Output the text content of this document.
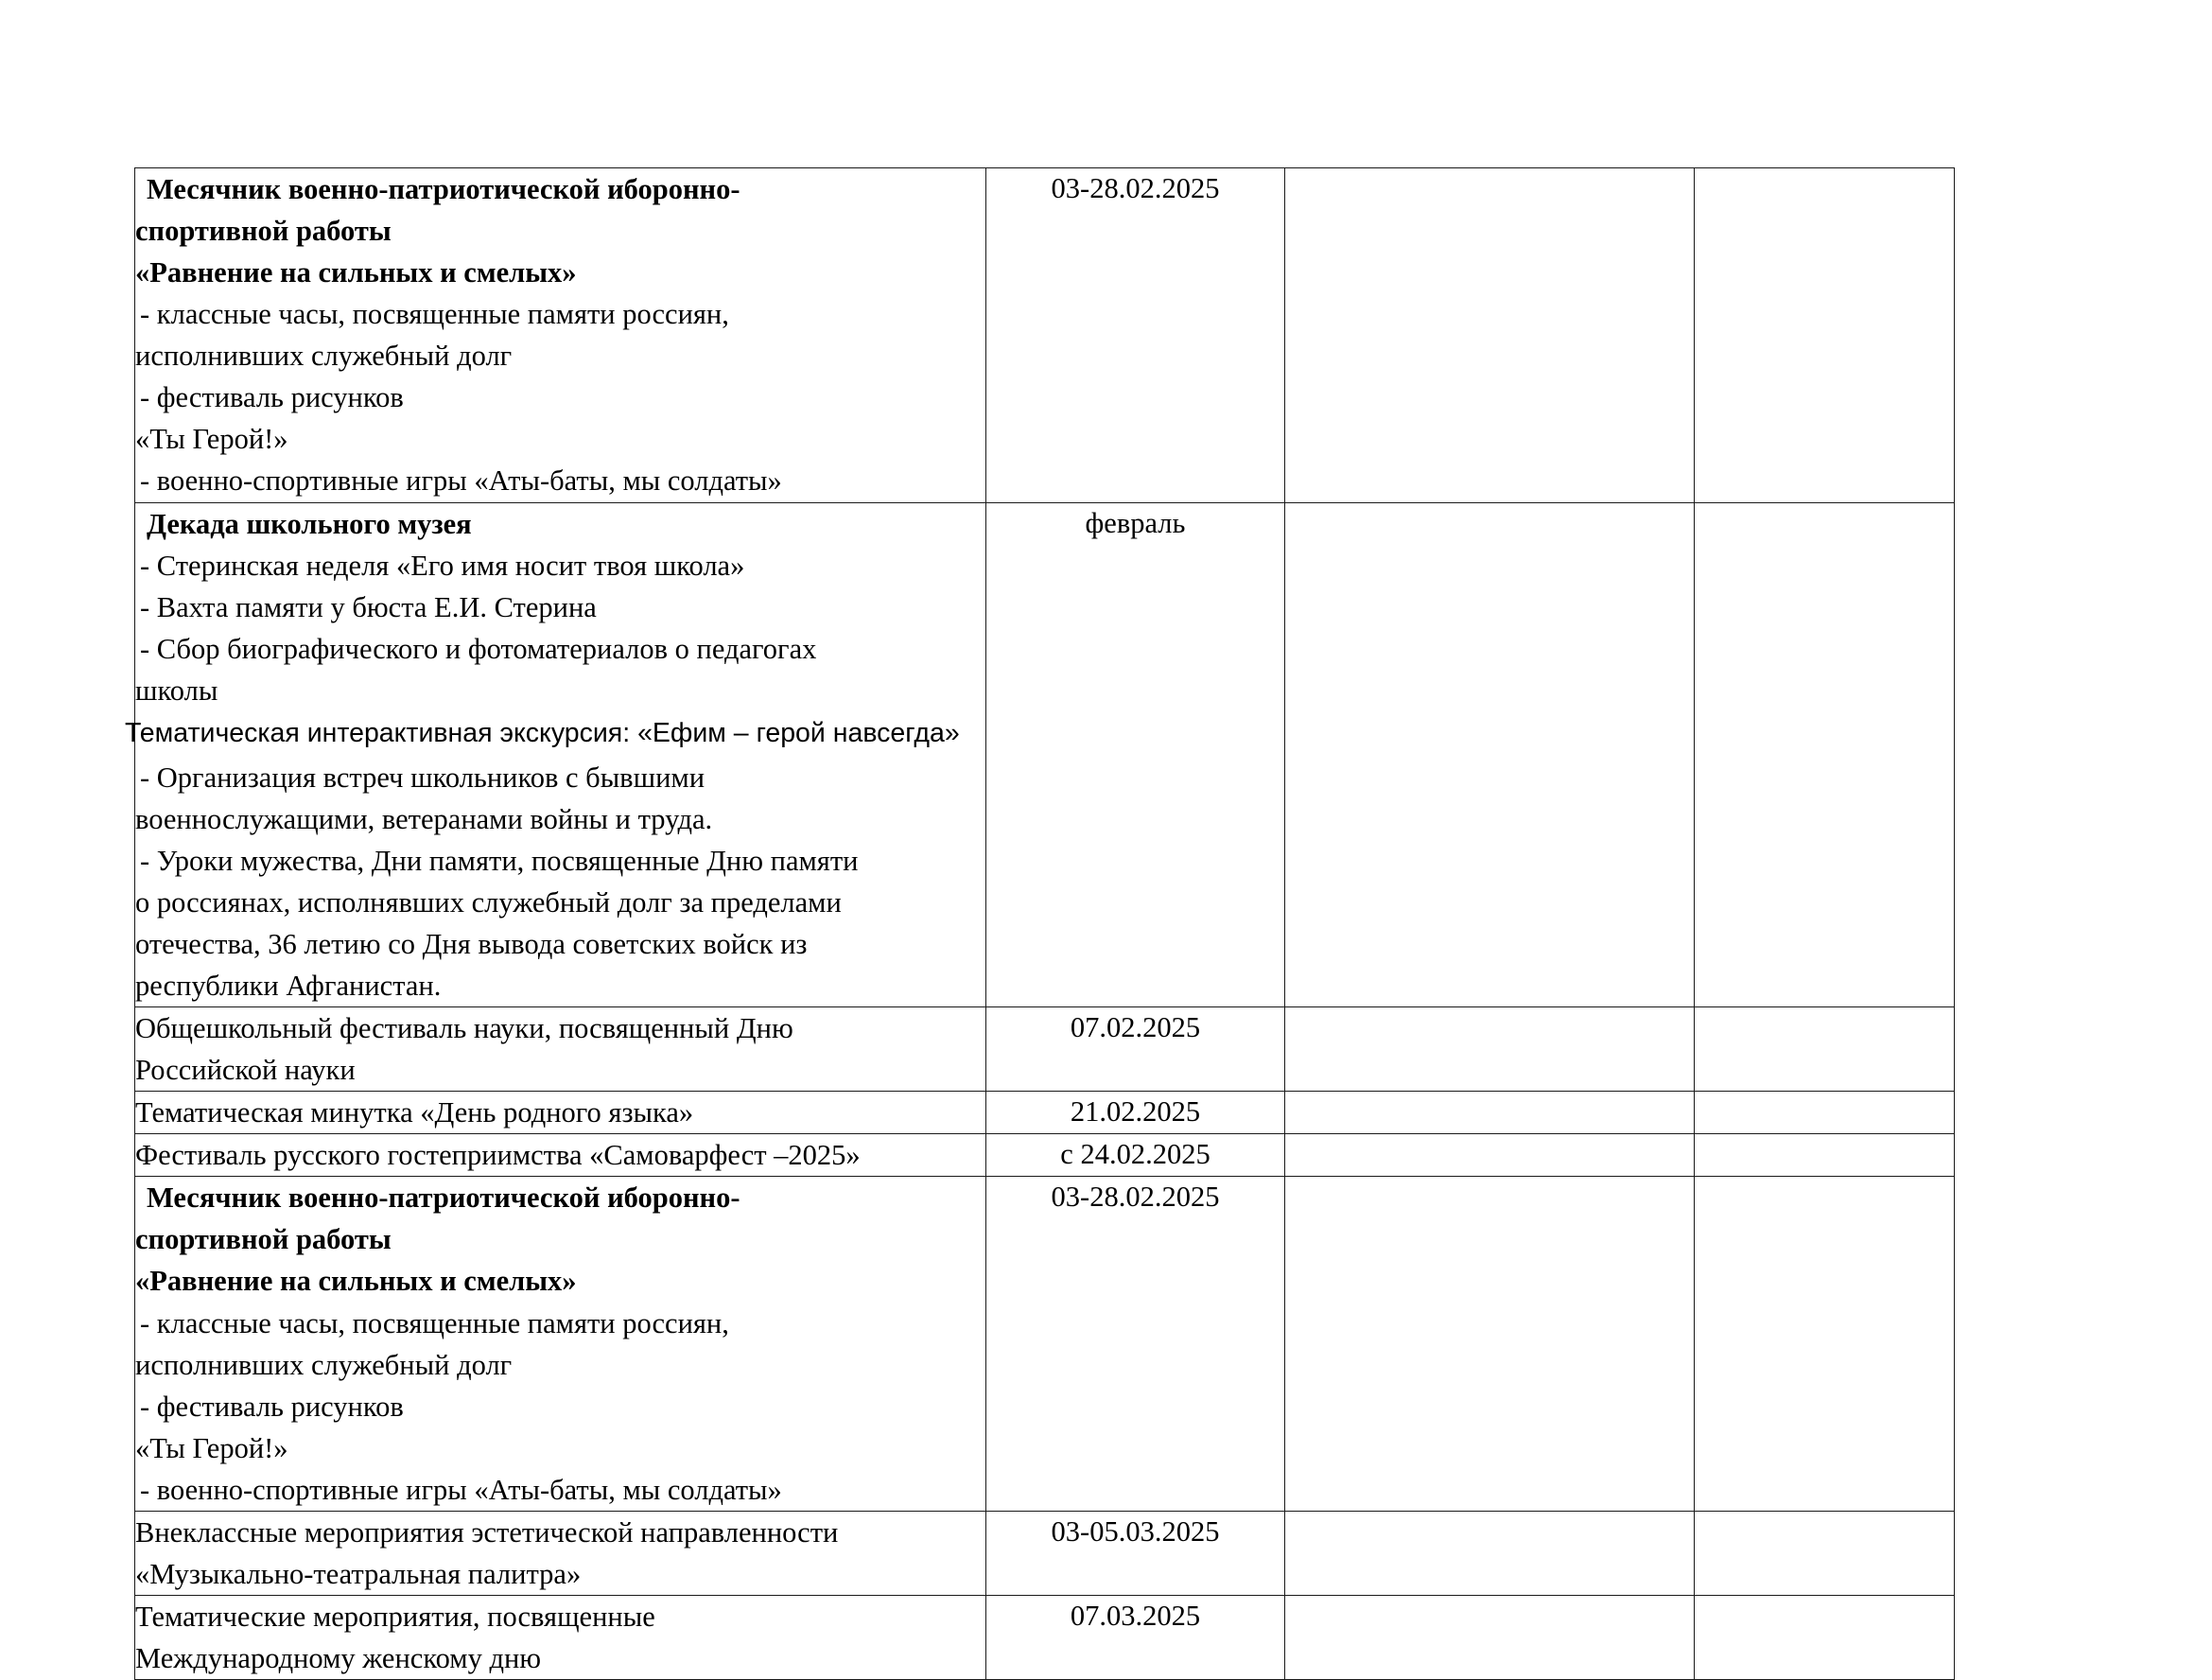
Месячник военно-патриотической иборонно-
спортивной работы
«Равнение на сильных и смелых»
- классные часы, посвященные памяти россиян,
исполнивших служебный долг
- фестиваль рисунков
«Ты Герой!»
- военно-спортивные игры «Аты-баты, мы солдаты»
	03-28.02.2025		

Декада школьного музея
- Стеринская неделя «Его имя носит твоя школа»
- Вахта памяти у бюста Е.И. Стерина
- Сбор биографического и фотоматериалов о педагогах
школы
Тематическая интерактивная экскурсия: «Ефим – герой навсегда»
- Организация встреч школьников с бывшими
военнослужащими, ветеранами войны и труда.
- Уроки мужества, Дни памяти, посвященные Дню памяти
о россиянах, исполнявших служебный долг за пределами
отечества, 36 летию со Дня вывода советских войск из
республики Афганистан.
	февраль		

Общешкольный фестиваль науки, посвященный Дню
Российской науки	07.02.2025		

Тематическая минутка «День родного языка»	21.02.2025		

Фестиваль русского гостеприимства «Самоварфест –2025»	с 24.02.2025		

Месячник военно-патриотической иборонно-
спортивной работы
«Равнение на сильных и смелых»
- классные часы, посвященные памяти россиян,
исполнивших служебный долг
- фестиваль рисунков
«Ты Герой!»
- военно-спортивные игры «Аты-баты, мы солдаты»
	03-28.02.2025		

Внеклассные мероприятия эстетической направленности
«Музыкально-театральная палитра»	03-05.03.2025		

Тематические мероприятия, посвященные
Международному женскому дню	07.03.2025		
